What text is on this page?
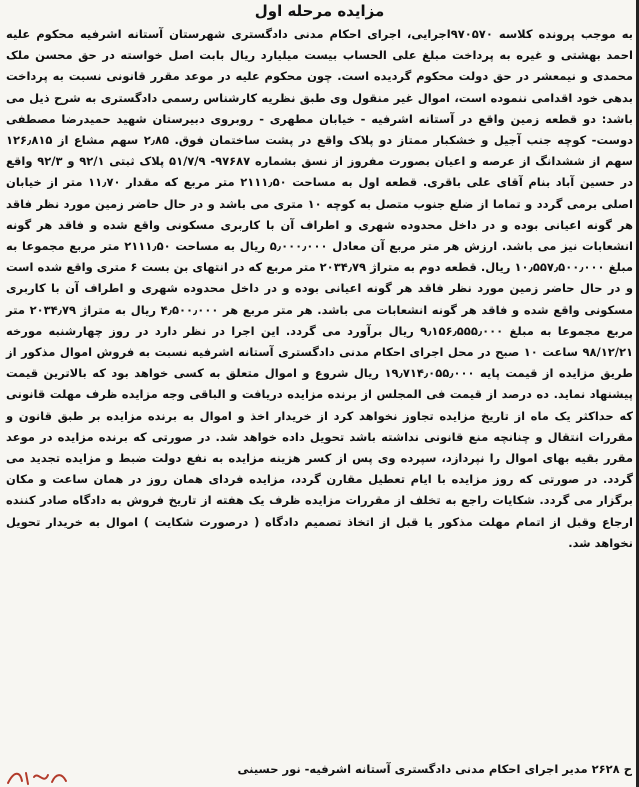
مزایده مرحله اول
به موجب پرونده کلاسه ۹۷۰۵۷۰اجرایی، اجرای احکام مدنی دادگستری شهرستان آستانه اشرفیه محکوم علیه احمد بهشتی و غیره به پرداخت مبلغ علی الحساب بیست میلیارد ریال بابت اصل خواسته در حق محسن ملک محمدی و نیمعشر در حق دولت محکوم گردیده است. چون محکوم علیه در موعد مقرر قانونی نسبت به پرداخت بدهی خود اقدامی ننموده است، اموال غیر منقول وی طبق نظریه کارشناس رسمی دادگستری به شرح ذیل می باشد: دو قطعه زمین واقع در آستانه اشرفیه - خیابان مطهری - روبروی دبیرستان شهید حمیدرضا مصطفی دوست- کوچه جنب آجیل و خشکبار ممتاز دو پلاک واقع در پشت ساختمان فوق. ۲٫۸۵ سهم مشاع از ۱۲۶٫۸۱۵ سهم از ششدانگ از عرصه و اعیان بصورت مفروز از نسق بشماره ۹۷۶۸۷- ۵۱/۷/۹ پلاک ثبتی ۹۲/۱ و ۹۲/۳ واقع در حسین آباد بنام آقای علی باقری. قطعه اول به مساحت ۲۱۱۱٫۵۰ متر مربع که مقدار ۱۱٫۷۰ متر از خیابان اصلی برمی گردد و تماما از ضلع جنوب متصل به کوچه ۱۰ متری می باشد و در حال حاضر زمین مورد نظر فاقد هر گونه اعیانی بوده و در داخل محدوده شهری و اطراف آن با کاربری مسکونی واقع شده و فاقد هر گونه انشعابات نیز می باشد. ارزش هر متر مربع آن معادل ۵٫۰۰۰٫۰۰۰ ریال به مساحت ۲۱۱۱٫۵۰ متر مربع مجموعا به مبلغ ۱۰٫۵۵۷٫۵۰۰٫۰۰۰ ریال. قطعه دوم به متراژ ۲۰۳۴٫۷۹ متر مربع که در انتهای بن بست ۶ متری واقع شده است و در حال حاضر زمین مورد نظر فاقد هر گونه اعیانی بوده و در داخل محدوده شهری و اطراف آن با کاربری مسکونی واقع شده و فاقد هر گونه انشعابات می باشد. هر متر مربع هر ۴٫۵۰۰٫۰۰۰ ریال به متراژ ۲۰۳۴٫۷۹ متر مربع مجموعا به مبلغ ۹٫۱۵۶٫۵۵۵٫۰۰۰ ریال برآورد می گردد. این اجرا در نظر دارد در روز چهارشنبه مورخه ۹۸/۱۲/۲۱ ساعت ۱۰ صبح در محل اجرای احکام مدنی دادگستری آستانه اشرفیه نسبت به فروش اموال مذکور از طریق مزایده از قیمت پایه ۱۹٫۷۱۴٫۰۵۵٫۰۰۰ ریال شروع و اموال متعلق به کسی خواهد بود که بالاترین قیمت پیشنهاد نماید. ده درصد از قیمت فی المجلس از برنده مزایده دریافت و الباقی وجه مزایده ظرف مهلت قانونی که حداکثر یک ماه از تاریخ مزایده تجاوز نخواهد کرد از خریدار اخذ و اموال به برنده مزایده بر طبق قانون و مقررات انتقال و چنانچه منع قانونی نداشته باشد تحویل داده خواهد شد. در صورتی که برنده مزایده در موعد مقرر بقیه بهای اموال را نپردازد، سپرده وی پس از کسر هزینه مزایده به نفع دولت ضبط و مزایده تجدید می گردد. در صورتی که روز مزایده با ایام تعطیل مقارن گردد، مزایده فردای همان روز در همان ساعت و مکان برگزار می گردد. شکایات راجع به تخلف از مقررات مزایده ظرف یک هفته از تاریخ فروش به دادگاه صادر کننده ارجاع وقبل از اتمام مهلت مذکور یا قبل از اتخاذ تصمیم دادگاه ( درصورت شکایت ) اموال به خریدار تحویل نخواهد شد.
ح ۲۶۲۸ مدیر اجرای احکام مدنی دادگستری آستانه اشرفیه- نور حسینی
